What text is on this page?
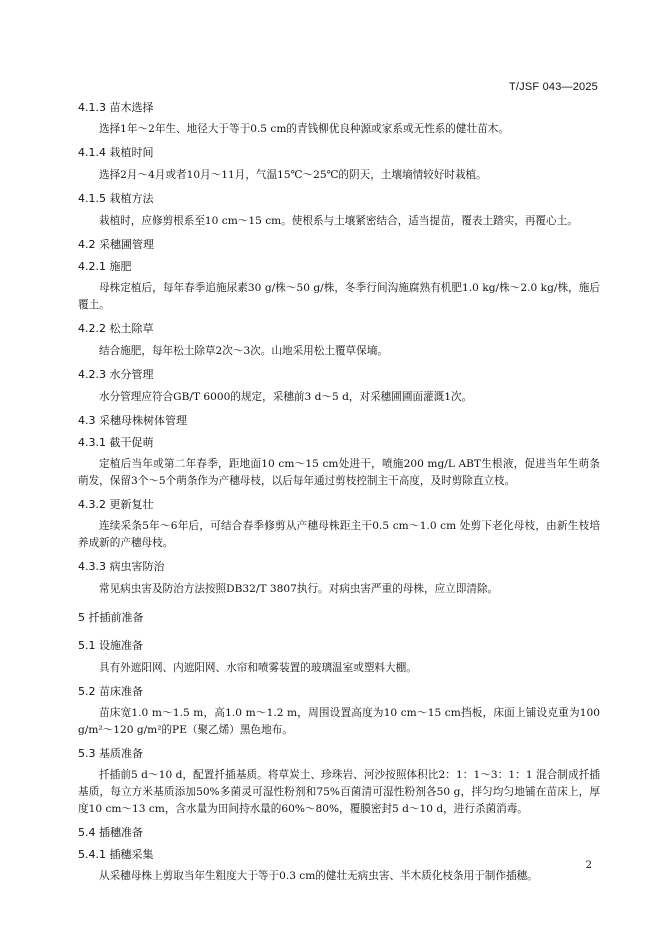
T/JSF 043—2025

4.1.3 苗木选择

选择1年～2年生、地径大于等于0.5 cm的青钱柳优良种源或家系或无性系的健壮苗木。

4.1.4 栽植时间

选择2月～4月或者10月～11月，气温15℃～25℃的阴天，土壤墒情较好时栽植。

4.1.5 栽植方法

栽植时，应修剪根系至10 cm～15 cm。使根系与土壤紧密结合，适当提苗，覆表土踏实，再覆心土。

4.2 采穗圃管理

4.2.1 施肥

母株定植后，每年春季追施尿素30 g/株～50 g/株，冬季行间沟施腐熟有机肥1.0 kg/株～2.0 kg/株，施后覆土。

4.2.2 松土除草

结合施肥，每年松土除草2次～3次。山地采用松土覆草保墒。

4.2.3 水分管理

水分管理应符合GB/T 6000的规定，采穗前3 d～5 d，对采穗圃圃面灌溉1次。

4.3 采穗母株树体管理

4.3.1 截干促萌

定植后当年或第二年春季，距地面10 cm～15 cm处进干，喷施200 mg/L ABT生根液，促进当年生萌条萌发，保留3个～5个萌条作为产穗母枝，以后每年通过剪枝控制主干高度，及时剪除直立枝。

4.3.2 更新复壮

连续采条5年～6年后，可结合春季修剪从产穗母株距主干0.5 cm～1.0 cm 处剪下老化母枝，由新生枝培养成新的产穗母枝。

4.3.3 病虫害防治

常见病虫害及防治方法按照DB32/T 3807执行。对病虫害严重的母株，应立即清除。

5 扦插前准备

5.1 设施准备

具有外遮阳网、内遮阳网、水帘和喷雾装置的玻璃温室或塑料大棚。

5.2 苗床准备

苗床宽1.0 m～1.5 m，高1.0 m～1.2 m，周围设置高度为10 cm～15 cm挡板，床面上铺设克重为100 g/m²～120 g/m²的PE（聚乙烯）黑色地布。

5.3 基质准备

扦插前5 d～10 d，配置扦插基质。将草炭土、珍珠岩、河沙按照体积比2：1：1～3：1：1 混合制成扦插基质，每立方米基质添加50%多菌灵可湿性粉剂和75%百菌清可湿性粉剂各50 g，拌匀均匀地铺在苗床上，厚度10 cm～13 cm，含水量为田间持水量的60%～80%，覆膜密封5 d～10 d，进行杀菌消毒。

5.4 插穗准备

5.4.1 插穗采集

从采穗母株上剪取当年生粗度大于等于0.3 cm的健壮无病虫害、半木质化枝条用于制作插穗。

2
